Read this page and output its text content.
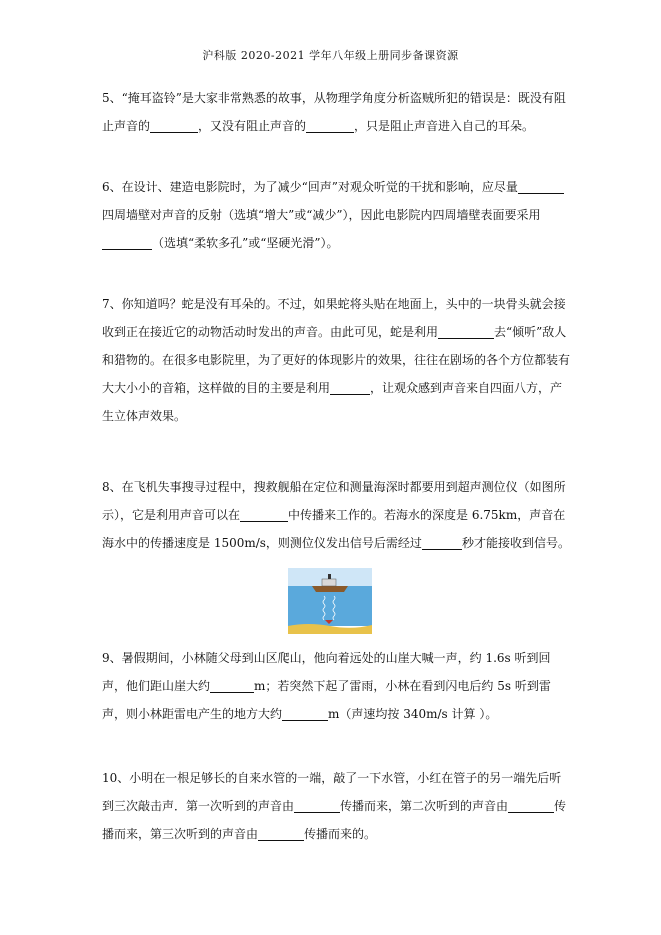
沪科版 2020-2021 学年八年级上册同步备课资源

5、“掩耳盗铃”是大家非常熟悉的故事，从物理学角度分析盗贼所犯的错误是：既没有阻止声音的	，又没有阻止声音的	，只是阻止声音进入自己的耳朵。

6、在设计、建造电影院时，为了减少“回声”对观众听觉的干扰和影响，应尽量四周墙壁对声音的反射（选填“增大”或“减少”），因此电影院内四周墙壁表面要采用（选填“柔软多孔”或“坚硬光滑”）。

7、你知道吗？蛇是没有耳朵的。不过，如果蛇将头贴在地面上，头中的一块骨头就会接收到正在接近它的动物活动时发出的声音。由此可见，蛇是利用	去“倾听”敌人和猎物的。在很多电影院里，为了更好的体现影片的效果，往往在剧场的各个方位都装有大大小小的音箱，这样做的目的主要是利用	，让观众感到声音来自四面八方，产生立体声效果。

8、在飞机失事搜寻过程中，搜救舰船在定位和测量海深时都要用到超声测位仪（如图所示），它是利用声音可以在	中传播来工作的。若海水的深度是 6.75km，声音在海水中的传播速度是 1500m/s，则测位仪发出信号后需经过	秒才能接收到信号。

9、暑假期间，小林随父母到山区爬山，他向着远处的山崖大喊一声，约 1.6s 听到回声，他们距山崖大约	m；若突然下起了雷雨，小林在看到闪电后约 5s 听到雷声，则小林距雷电产生的地方大约	m（声速均按 340m/s 计算 ）。

10、小明在一根足够长的自来水管的一端，敲了一下水管，小红在管子的另一端先后听到三次敲击声．第一次听到的声音由	传播而来，第二次听到的声音由	传播而来，第三次听到的声音由	传播而来的。
